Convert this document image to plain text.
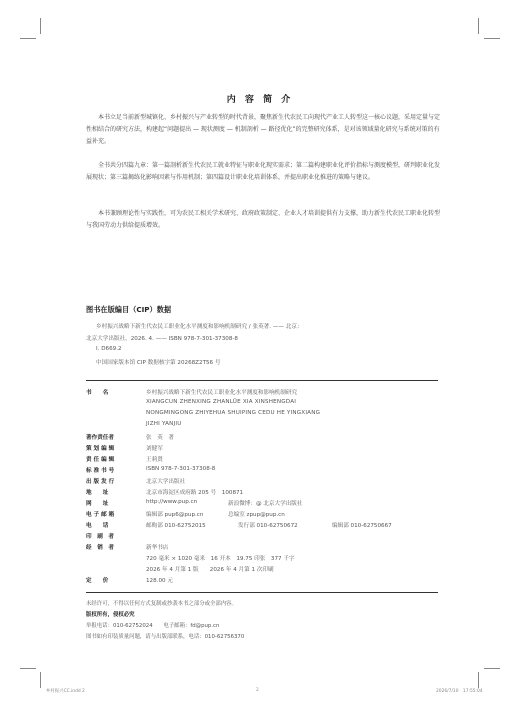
内 容 简 介

本书立足当前新型城镇化、乡村振兴与产业转型的时代背景，聚焦新生代农民工向现代产业工人转型这一核心议题，采用定量与定性相结合的研究方法，构建起“问题提出 — 现状测度 — 机制剖析 — 路径优化”的完整研究体系，是对该领域量化研究与系统对策的有益补充。

全书共分四篇九章：第一篇剖析新生代农民工就业特征与职业化现实需求；第二篇构建职业化评价指标与测度模型，研判职业化发展现状；第三篇揭练化影响因素与作用机制；第四篇设计职业化培训体系，并提出职业化推进的策略与建议。

本书兼顾理论性与实践性，可为农民工相关学术研究、政府政策制定、企业人才培训提供有力支撑，助力新生代农民工职业化转型与我国劳动力供给提质增效。

图书在版编目（CIP）数据
乡村振兴战略下新生代农民工职业化水平测度和影响机制研究 / 张英著. —— 北京：
北京大学出版社，2026. 4. —— ISBN 978-7-301-37308-8
Ⅰ. D669.2
中国国家版本馆 CIP 数据核字第 20268Z2T56 号
书　　名	乡村振兴战略下新生代农民工职业化水平测度和影响机制研究
XIANGCUN ZHENXING ZHANLÜE XIA XINSHENGDAI
NONGMINGONG ZHIYEHUA SHUIPING CEDU HE YINGXIANG
JIZHI YANJIU
著作责任者	张　英　著
策 划 编 辑	刘健军
责 任 编 辑	王莉贤
标 准 书 号	ISBN 978-7-301-37308-8
出 版 发 行	北京大学出版社
地　　址	北京市海淀区成府路 205 号　100871
网　　址	http://www.pup.cn	新浪微博：@ 北京大学出版社
电 子 邮 箱	编辑部 pup6@pup.cn	总编室 zpup@pup.cn
电　　话	邮购部 010-62752015	发行部 010-62750672	编辑部 010-62750667
印　刷　者
经　销　者	新华书店
720 毫米 × 1020 毫米　16 开本　19.75 印张　377 千字
2026 年 4 月第 1 版　　2026 年 4 月第 1 次印刷
定　　价	128.00 元
未经许可，不得以任何方式复制或抄袭本书之部分或全部内容。
版权所有，侵权必究
举报电话：010-62752024　　电子邮箱：fd@pup.cn
图书如有印装质量问题，请与出版部联系，电话：010-62756370
乡村振兴CC.indd 2	2	2026/7/10　17:55:04
